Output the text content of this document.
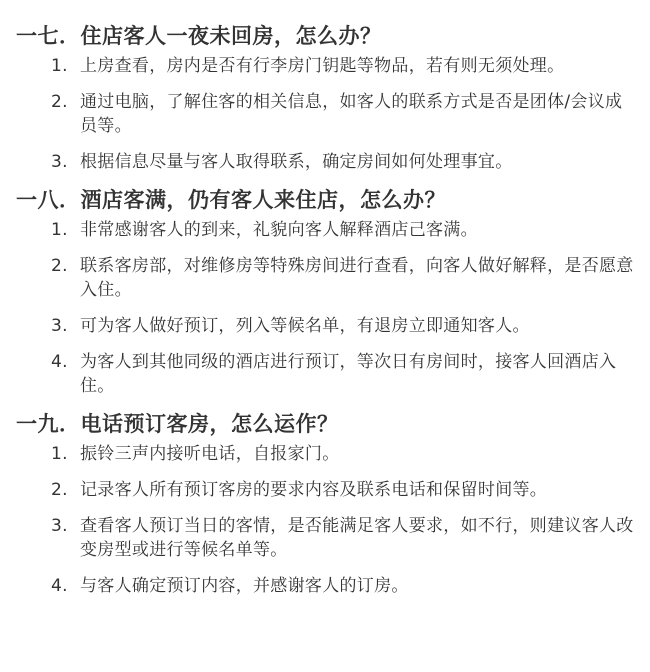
一七．住店客人一夜未回房，怎么办？
1. 上房查看，房内是否有行李房门钥匙等物品，若有则无须处理。
2. 通过电脑，了解住客的相关信息，如客人的联系方式是否是团体/会议成员等。
3. 根据信息尽量与客人取得联系，确定房间如何处理事宜。
一八．酒店客满，仍有客人来住店，怎么办？
1. 非常感谢客人的到来，礼貌向客人解释酒店己客满。
2. 联系客房部，对维修房等特殊房间进行查看，向客人做好解释，是否愿意入住。
3. 可为客人做好预订，列入等候名单，有退房立即通知客人。
4. 为客人到其他同级的酒店进行预订，等次日有房间时，接客人回酒店入住。
一九．电话预订客房，怎么运作？
1. 振铃三声内接听电话，自报家门。
2. 记录客人所有预订客房的要求内容及联系电话和保留时间等。
3. 查看客人预订当日的客情，是否能满足客人要求，如不行，则建议客人改变房型或进行等候名单等。
4. 与客人确定预订内容，并感谢客人的订房。
